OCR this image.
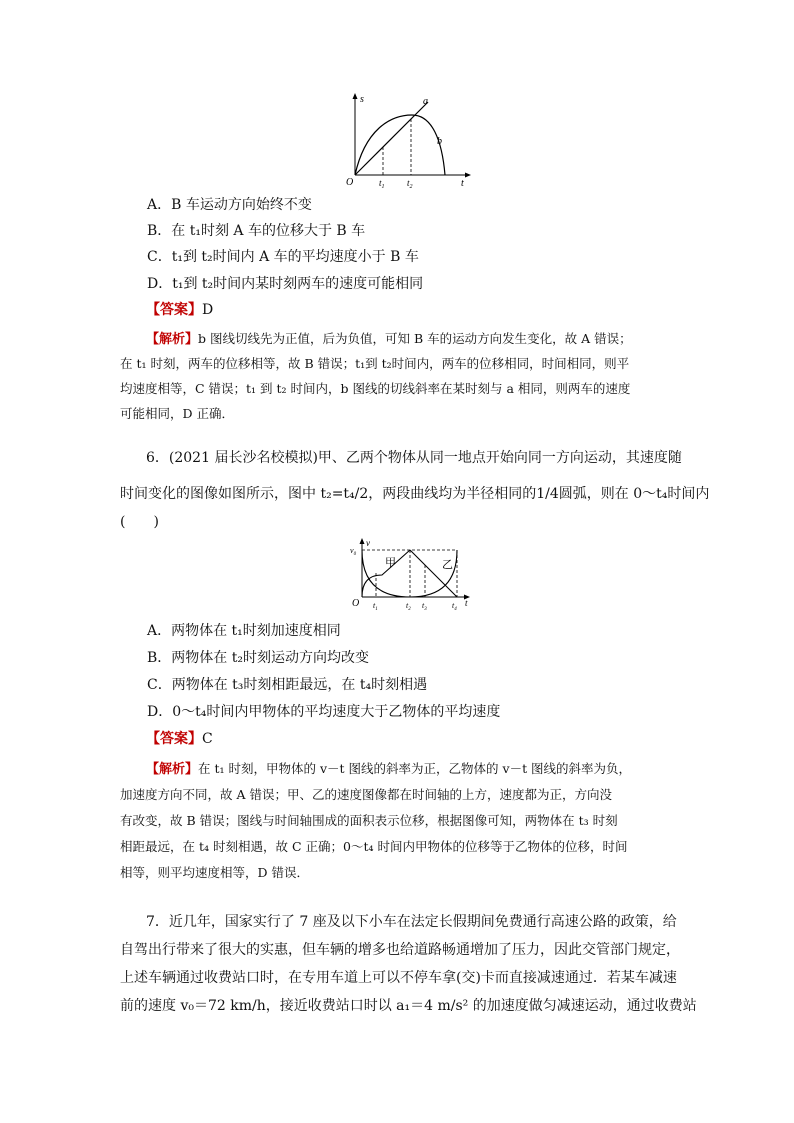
s	a
b
O	$t_1$ $t_2$	t
A．B 车运动方向始终不变
B．在 t₁时刻 A 车的位移大于 B 车
C．t₁到 t₂时间内 A 车的平均速度小于 B 车
D．t₁到 t₂时间内某时刻两车的速度可能相同
【答案】D
【解析】b 图线切线先为正值，后为负值，可知 B 车的运动方向发生变化，故 A 错误；
在 t₁ 时刻，两车的位移相等，故 B 错误；t₁到 t₂时间内，两车的位移相同，时间相同，则平
均速度相等，C 错误；t₁ 到 t₂ 时间内，b 图线的切线斜率在某时刻与 a 相同，则两车的速度
可能相同，D 正确．
6．(2021 届长沙名校模拟)甲、乙两个物体从同一地点开始向同一方向运动，其速度随
时间变化的图像如图所示，图中 t₂=t₄/2，两段曲线均为半径相同的1/4圆弧，则在 0～t₄时间内
(　　)
v
$v_0$
甲	乙
O $t_1$	$t_2$ $t_3$	$t_4$
t
A．两物体在 t₁时刻加速度相同
B．两物体在 t₂时刻运动方向均改变
C．两物体在 t₃时刻相距最远，在 t₄时刻相遇
D．0～t₄时间内甲物体的平均速度大于乙物体的平均速度
【答案】C
【解析】在 t₁ 时刻，甲物体的 v－t 图线的斜率为正，乙物体的 v－t 图线的斜率为负，
加速度方向不同，故 A 错误；甲、乙的速度图像都在时间轴的上方，速度都为正，方向没
有改变，故 B 错误；图线与时间轴围成的面积表示位移，根据图像可知，两物体在 t₃ 时刻
相距最远，在 t₄ 时刻相遇，故 C 正确；0～t₄ 时间内甲物体的位移等于乙物体的位移，时间
相等，则平均速度相等，D 错误．
7．近几年，国家实行了 7 座及以下小车在法定长假期间免费通行高速公路的政策，给
自驾出行带来了很大的实惠，但车辆的增多也给道路畅通增加了压力，因此交管部门规定，
上述车辆通过收费站口时，在专用车道上可以不停车拿(交)卡而直接减速通过．若某车减速
前的速度 v₀＝72 km/h，接近收费站口时以 a₁＝4 m/s² 的加速度做匀减速运动，通过收费站
